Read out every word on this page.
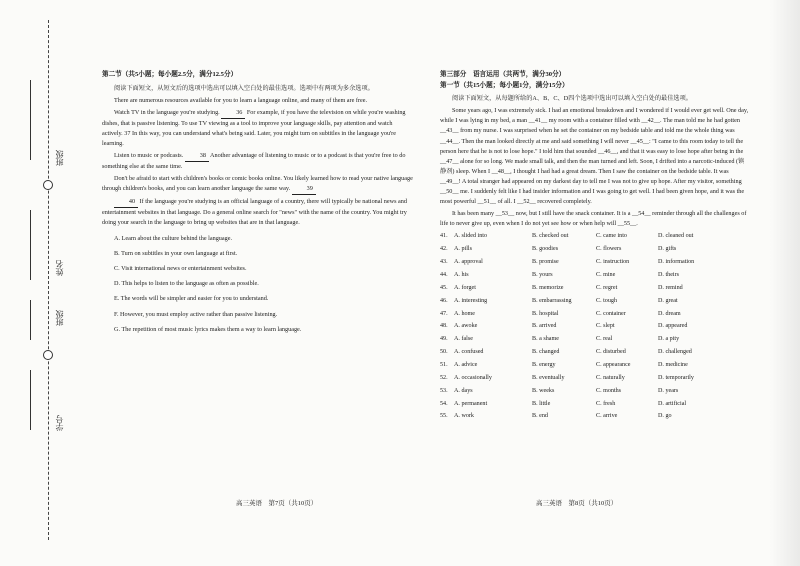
班级
姓名
班级
学号

第二节（共5小题；每小题2.5分，满分12.5分）

阅读下面短文，从短文后的选项中选出可以填入空白处的最佳选项。选项中有两项为多余选项。

There are numerous resources available for you to learn a language online, and many of them are free.

Watch TV in the language you're studying. 36 For example, if you have the television on while you're washing dishes, that is passive listening. To use TV viewing as a tool to improve your language skills, pay attention and watch actively. 37 In this way, you can understand what's being said. Later, you might turn on subtitles in the language you're learning.

Listen to music or podcasts. 38 Another advantage of listening to music or to a podcast is that you're free to do something else at the same time.

Don't be afraid to start with children's books or comic books online. You likely learned how to read your native language through children's books, and you can learn another language the same way. 39

40 If the language you're studying is an official language of a country, there will typically be national news and entertainment websites in that language. Do a general online search for "news" with the name of the country. You might try doing your search in the language to bring up websites that are in that language.

A. Learn about the culture behind the language.

B. Turn on subtitles in your own language at first.

C. Visit international news or entertainment websites.

D. This helps to listen to the language as often as possible.

E. The words will be simpler and easier for you to understand.

F. However, you must employ active rather than passive listening.

G. The repetition of most music lyrics makes them a way to learn language.

高三英语　第7页（共10页）

第三部分　语言运用（共两节，满分30分）

第一节（共15小题；每小题1分，满分15分）

阅读下面短文，从每题所给的A、B、C、D四个选项中选出可以填入空白处的最佳选项。

Some years ago, I was extremely sick. I had an emotional breakdown and I wondered if I would ever get well. One day, while I was lying in my bed, a man __41__ my room with a container filled with __42__. The man told me he had gotten __43__ from my nurse. I was surprised when he set the container on my bedside table and told me the whole thing was __44__. Then the man looked directly at me and said something I will never __45__: "I came to this room today to tell the person here that he is not to lose hope." I told him that sounded __46__, and that it was easy to lose hope after being in the __47__ alone for so long. We made small talk, and then the man turned and left. Soon, I drifted into a narcotic-induced (镇静剂) sleep. When I __48__, I thought I had had a great dream. Then I saw the container on the bedside table. It was __49__! A total stranger had appeared on my darkest day to tell me I was not to give up hope. After my visitor, something __50__ me. I suddenly felt like I had insider information and I was going to get well. I had been given hope, and it was the most powerful __51__ of all. I __52__ recovered completely.

It has been many __53__ now, but I still have the snack container. It is a __54__ reminder through all the challenges of life to never give up, even when I do not yet see how or when help will __55__.

41.	A. slided into	B. checked out	C. came into	D. cleaned out
42.	A. pills	B. goodies	C. flowers	D. gifts
43.	A. approval	B. promise	C. instruction	D. information
44.	A. his	B. yours	C. mine	D. theirs
45.	A. forget	B. memorize	C. regret	D. remind
46.	A. interesting	B. embarrassing	C. tough	D. great
47.	A. home	B. hospital	C. container	D. dream
48.	A. awoke	B. arrived	C. slept	D. appeared
49.	A. false	B. a shame	C. real	D. a pity
50.	A. confused	B. changed	C. disturbed	D. challenged
51.	A. advice	B. energy	C. appearance	D. medicine
52.	A. occasionally	B. eventually	C. naturally	D. temporarily
53.	A. days	B. weeks	C. months	D. years
54.	A. permanent	B. little	C. fresh	D. artificial
55.	A. work	B. end	C. arrive	D. go
高三英语　第8页（共10页）
